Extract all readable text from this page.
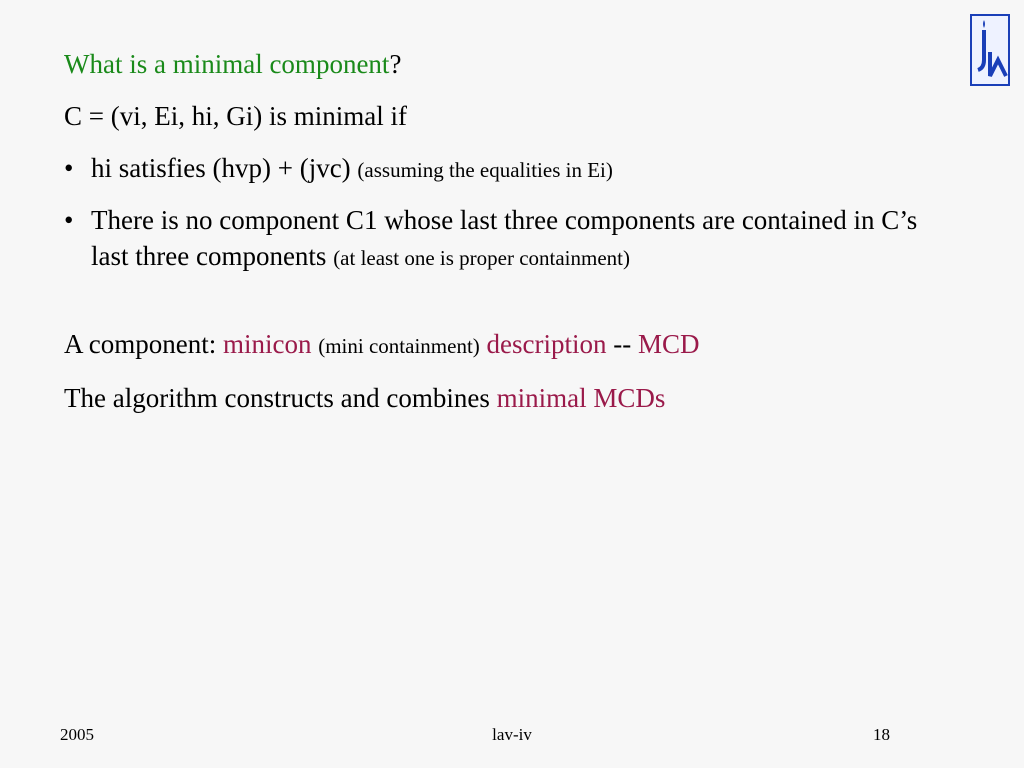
What is a minimal component?
C = (vi, Ei, hi, Gi) is minimal if
• hi satisfies (hvp) + (jvc) (assuming the equalities in Ei)
• There is no component C1 whose last three components are contained in C’s last three components (at least one is proper containment)
A component: minicon (mini containment) description -- MCD
The algorithm constructs and combines minimal MCDs
2005	lav-iv	18
